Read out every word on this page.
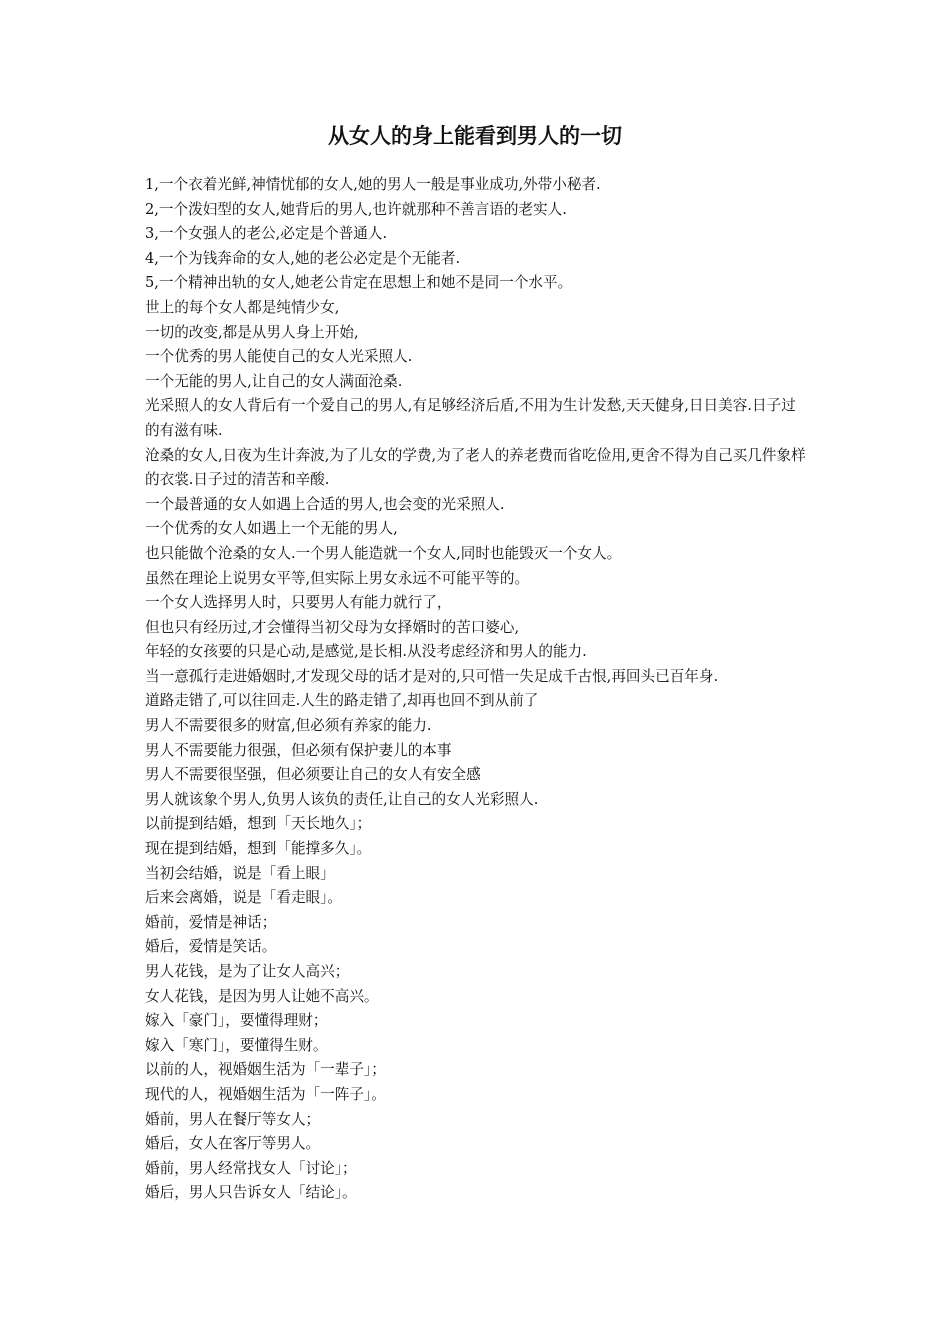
从女人的身上能看到男人的一切

1,一个衣着光鲜,神情忧郁的女人,她的男人一般是事业成功,外带小秘者.

2,一个泼妇型的女人,她背后的男人,也许就那种不善言语的老实人.

3,一个女强人的老公,必定是个普通人.

4,一个为钱奔命的女人,她的老公必定是个无能者.

5,一个精神出轨的女人,她老公肯定在思想上和她不是同一个水平。

世上的每个女人都是纯情少女,

一切的改变,都是从男人身上开始,

一个优秀的男人能使自己的女人光采照人.

一个无能的男人,让自己的女人满面沧桑.

光采照人的女人背后有一个爱自己的男人,有足够经济后盾,不用为生计发愁,天天健身,日日美容.日子过的有滋有味.

沧桑的女人,日夜为生计奔波,为了儿女的学费,为了老人的养老费而省吃俭用,更舍不得为自己买几件象样的衣裳.日子过的清苦和辛酸.

一个最普通的女人如遇上合适的男人,也会变的光采照人.

一个优秀的女人如遇上一个无能的男人,

也只能做个沧桑的女人.一个男人能造就一个女人,同时也能毁灭一个女人。

虽然在理论上说男女平等,但实际上男女永远不可能平等的。

一个女人选择男人时，只要男人有能力就行了，

但也只有经历过,才会懂得当初父母为女择婿时的苦口婆心,

年轻的女孩要的只是心动,是感觉,是长相.从没考虑经济和男人的能力.

当一意孤行走进婚姻时,才发现父母的话才是对的,只可惜一失足成千古恨,再回头已百年身.

道路走错了,可以往回走.人生的路走错了,却再也回不到从前了

男人不需要很多的财富,但必须有养家的能力.

男人不需要能力很强，但必须有保护妻儿的本事

男人不需要很坚强，但必须要让自己的女人有安全感

男人就该象个男人,负男人该负的责任,让自己的女人光彩照人.

以前提到结婚，想到「天长地久」；

现在提到结婚，想到「能撑多久」。

当初会结婚，说是「看上眼」

后来会离婚，说是「看走眼」。

婚前，爱情是神话；

婚后，爱情是笑话。

男人花钱，是为了让女人高兴；

女人花钱，是因为男人让她不高兴。

嫁入「豪门」，要懂得理财；

嫁入「寒门」，要懂得生财。

以前的人，视婚姻生活为「一辈子」；

现代的人，视婚姻生活为「一阵子」。

婚前，男人在餐厅等女人；

婚后，女人在客厅等男人。

婚前，男人经常找女人「讨论」；

婚后，男人只告诉女人「结论」。
